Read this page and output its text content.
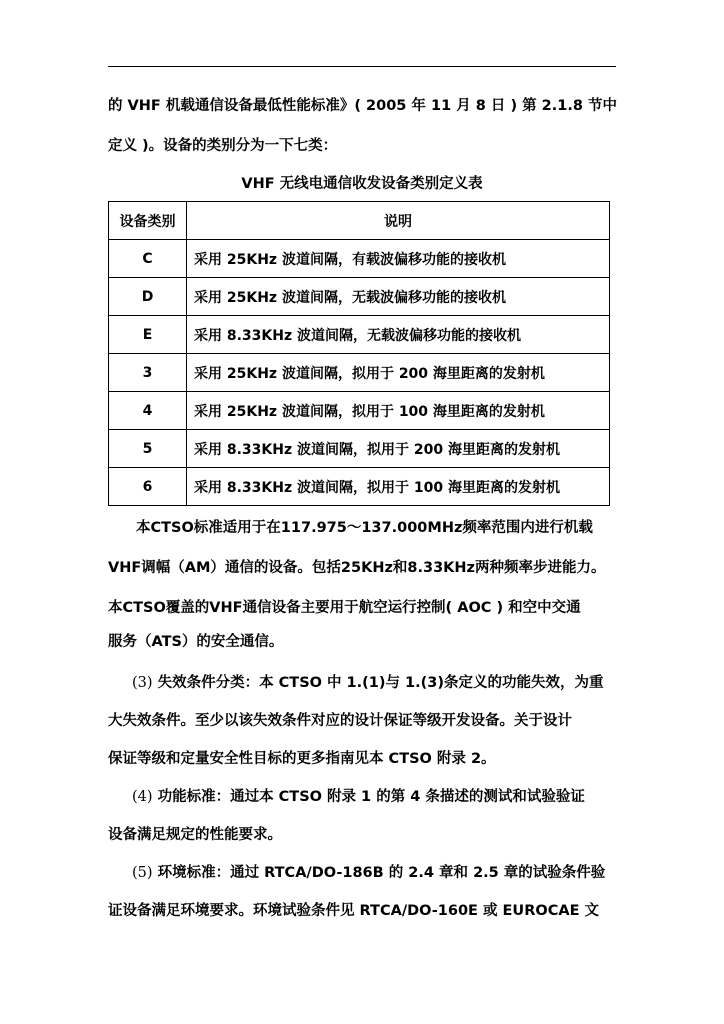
的 VHF 机载通信设备最低性能标准》( 2005 年 11 月 8 日 ) 第 2.1.8 节中
定义 )。设备的类别分为一下七类：
VHF 无线电通信收发设备类别定义表
设备类别	说明
C	采用 25KHz 波道间隔，有载波偏移功能的接收机
D	采用 25KHz 波道间隔，无载波偏移功能的接收机
E	采用 8.33KHz 波道间隔，无载波偏移功能的接收机
3	采用 25KHz 波道间隔，拟用于 200 海里距离的发射机
4	采用 25KHz 波道间隔，拟用于 100 海里距离的发射机
5	采用 8.33KHz 波道间隔，拟用于 200 海里距离的发射机
6	采用 8.33KHz 波道间隔，拟用于 100 海里距离的发射机
本CTSO标准适用于在117.975～137.000MHz频率范围内进行机载
VHF调幅（AM）通信的设备。包括25KHz和8.33KHz两种频率步进能力。
本CTSO覆盖的VHF通信设备主要用于航空运行控制( AOC ) 和空中交通
服务（ATS）的安全通信。
(3) 失效条件分类：本 CTSO 中 1.(1)与 1.(3)条定义的功能失效，为重
大失效条件。至少以该失效条件对应的设计保证等级开发设备。关于设计
保证等级和定量安全性目标的更多指南见本 CTSO 附录 2。
(4) 功能标准：通过本 CTSO 附录 1 的第 4 条描述的测试和试验验证
设备满足规定的性能要求。
(5) 环境标准：通过 RTCA/DO-186B 的 2.4 章和 2.5 章的试验条件验
证设备满足环境要求。环境试验条件见 RTCA/DO-160E 或 EUROCAE 文
